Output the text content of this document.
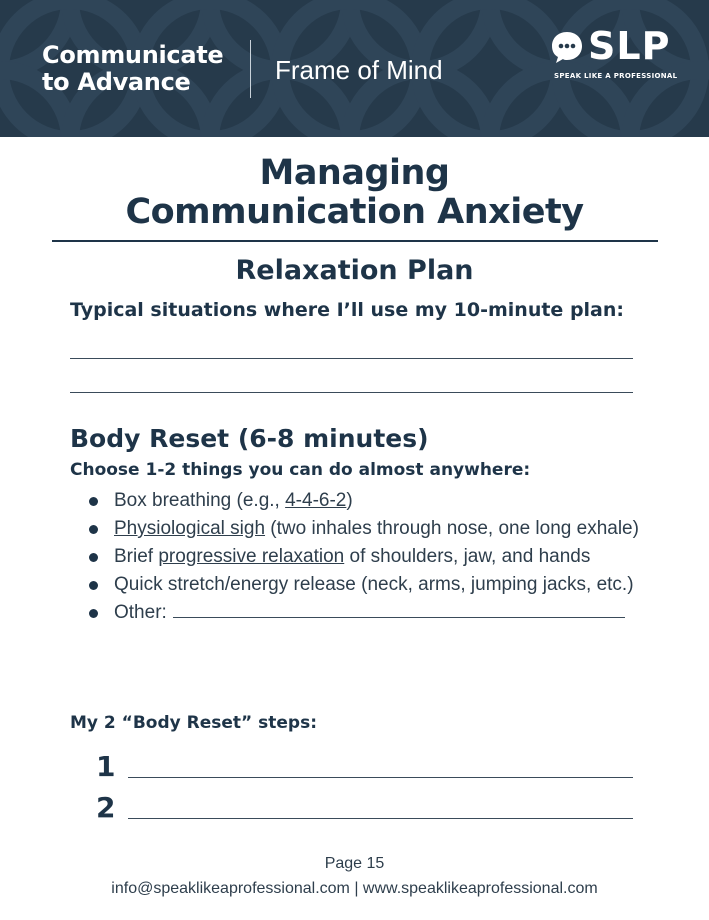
Communicate
to Advance	Frame of Mind
SLP
SPEAK LIKE A PROFESSIONAL
Managing
Communication Anxiety
Relaxation Plan
Typical situations where I’ll use my 10-minute plan:
Body Reset (6-8 minutes)
Choose 1-2 things you can do almost anywhere:
Box breathing (e.g., 4-4-6-2)
Physiological sigh (two inhales through nose, one long exhale)
Brief progressive relaxation of shoulders, jaw, and hands
Quick stretch/energy release (neck, arms, jumping jacks, etc.)
Other:
My 2 “Body Reset” steps:
1
2
Page 15
info@speaklikeaprofessional.com | www.speaklikeaprofessional.com
